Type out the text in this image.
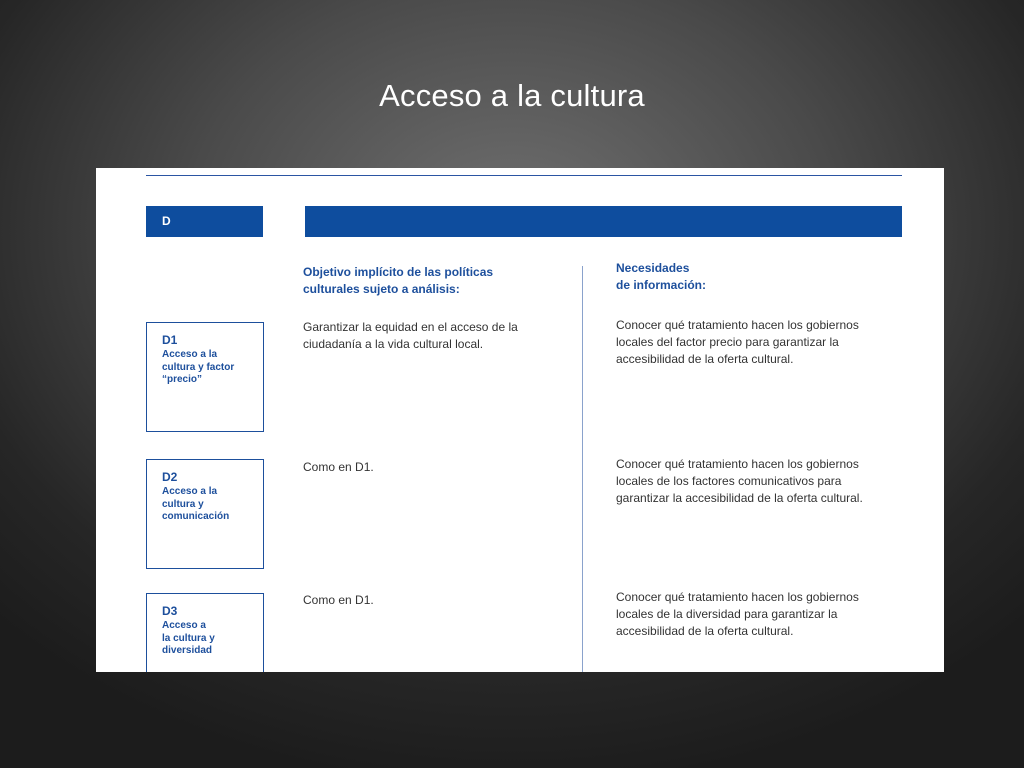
Acceso a la cultura
D
Objetivo implícito de las políticas
culturales sujeto a análisis:
Necesidades
de información:
D1
Acceso a la
cultura y factor
“precio”
Garantizar la equidad en el acceso de la
ciudadanía a la vida cultural local.
Conocer qué tratamiento hacen los gobiernos
locales del factor precio para garantizar la
accesibilidad de la oferta cultural.
D2
Acceso a la
cultura y
comunicación
Como en D1.	Conocer qué tratamiento hacen los gobiernos
locales de los factores comunicativos para
garantizar la accesibilidad de la oferta cultural.
D3
Acceso a
la cultura y
diversidad
Como en D1.	Conocer qué tratamiento hacen los gobiernos
locales de la diversidad para garantizar la
accesibilidad de la oferta cultural.
